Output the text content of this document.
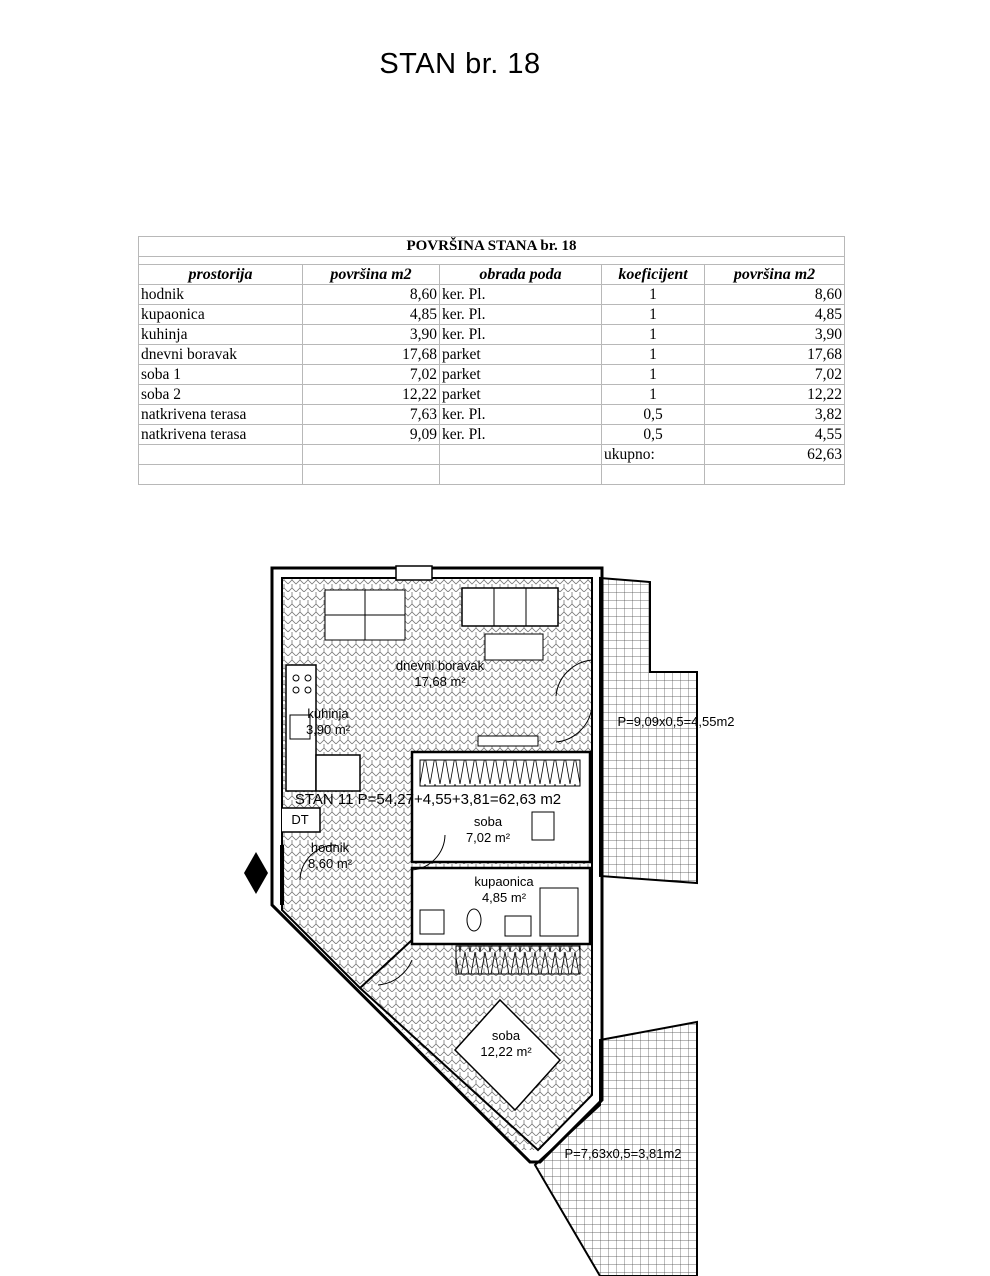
STAN br. 18
POVRŠINA STANA br. 18				

prostorija	površina m2	obrada poda	koeficijent	površina m2
hodnik	8,60	ker. Pl.	1	8,60
kupaonica	4,85	ker. Pl.	1	4,85
kuhinja	3,90	ker. Pl.	1	3,90
dnevni boravak	17,68	parket	1	17,68
soba 1	7,02	parket	1	7,02
soba 2	12,22	parket	1	12,22
natkrivena terasa	7,63	ker. Pl.	0,5	3,82
natkrivena terasa	9,09	ker. Pl.	0,5	4,55
			ukupno:	62,63

dnevni boravak
17,68 m²
kuhinja
3,90 m²
soba
7,02 m²
hodnik
8,60 m²
kupaonica
4,85 m²
soba
12,22 m²
STAN 11 P=54,27+4,55+3,81=62,63 m2
P=9,09x0,5=4,55m2
P=7,63x0,5=3,81m2
DT
